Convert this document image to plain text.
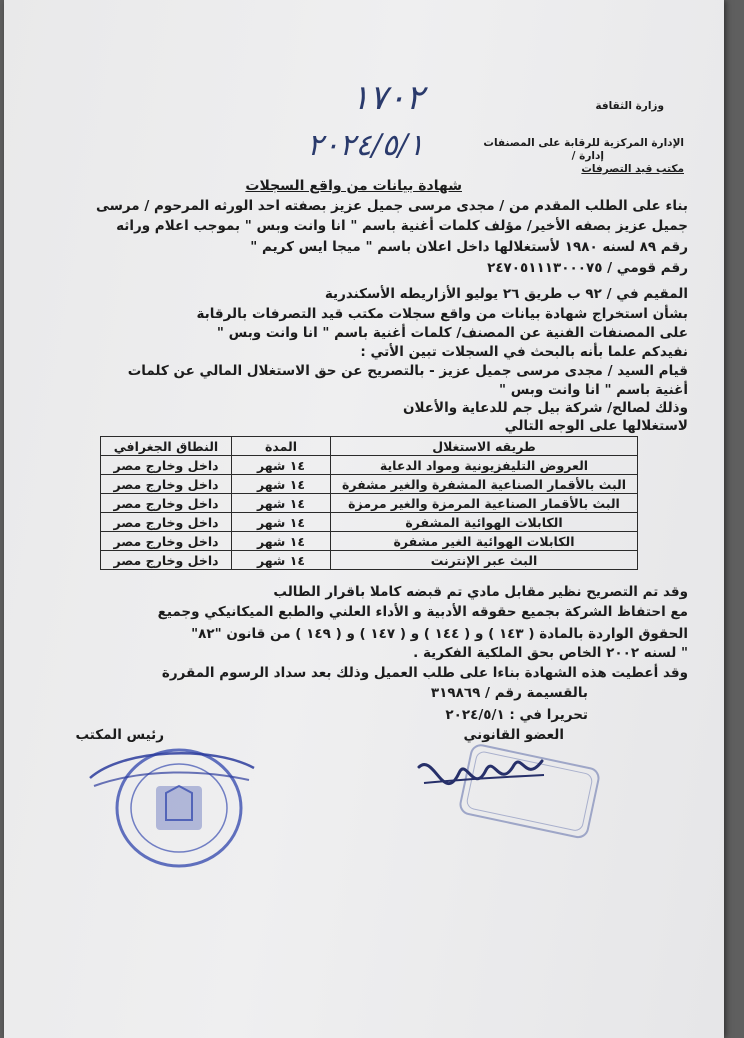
وزارة الثقافة
الإدارة المركزية للرقابة على المصنفات
إدارة /
مكتب قيد التصرفات
١٧٠٢
٢٠٢٤/٥/١
شهادة بيانات من واقع السجلات
بناء على الطلب المقدم من / مجدى مرسى جميل عزيز بصفته احد الورثه المرحوم / مرسى
جميل عزيز بصفه الأخير/ مؤلف كلمات أغنية باسم " انا وانت وبس " بموجب اعلام وراثه
رقم ٨٩ لسنه ١٩٨٠ لأستغلالها داخل اعلان باسم " ميجا ايس كريم "
رقم قومي / ٢٤٧٠٥١١١٣٠٠٠٧٥
المقيم في / ٩٢ ب طريق ٢٦ يوليو الأزاريطه الأسكندرية
بشأن استخراج شهادة بيانات من واقع سجلات مكتب قيد التصرفات بالرقابة
على المصنفات الفنية عن المصنف/ كلمات أغنية باسم " انا وانت وبس "
نفيدكم علما بأنه بالبحث في السجلات تبين الأتي :
قيام السيد / مجدى مرسى جميل عزيز - بالتصريح عن حق الاستغلال المالي عن كلمات
أغنية باسم " انا وانت وبس "
وذلك لصالح/ شركة بيل جم للدعاية والأعلان
لاستغلالها على الوجه التالي
طريقه الاستغلال	المدة	النطاق الجغرافي
العروض التليفزيونية ومواد الدعاية	١٤ شهر	داخل وخارج مصر
البث بالأقمار الصناعية المشفرة والغير مشفرة	١٤ شهر	داخل وخارج مصر
البث بالأقمار الصناعية المرمزة والغير مرمزة	١٤ شهر	داخل وخارج مصر
الكابلات الهوائية المشفرة	١٤ شهر	داخل وخارج مصر
الكابلات الهوائية الغير مشفرة	١٤ شهر	داخل وخارج مصر
البث عبر الإنترنت	١٤ شهر	داخل وخارج مصر
وقد تم التصريح نظير مقابل مادي تم قبضه كاملا باقرار الطالب
مع احتفاظ الشركة بجميع حقوقه الأدبية و الأداء العلني والطبع الميكانيكي وجميع
الحقوق الواردة بالمادة ( ١٤٣ ) و ( ١٤٤ ) و ( ١٤٧ ) و ( ١٤٩ ) من قانون "٨٢"
" لسنه ٢٠٠٢ الخاص بحق الملكية الفكرية .
وقد أعطيت هذه الشهادة بناءا على طلب العميل وذلك بعد سداد الرسوم المقررة
بالقسيمة رقم / ٣١٩٨٦٩
تحريرا في : ٢٠٢٤/٥/١
العضو القانوني
رئيس المكتب
